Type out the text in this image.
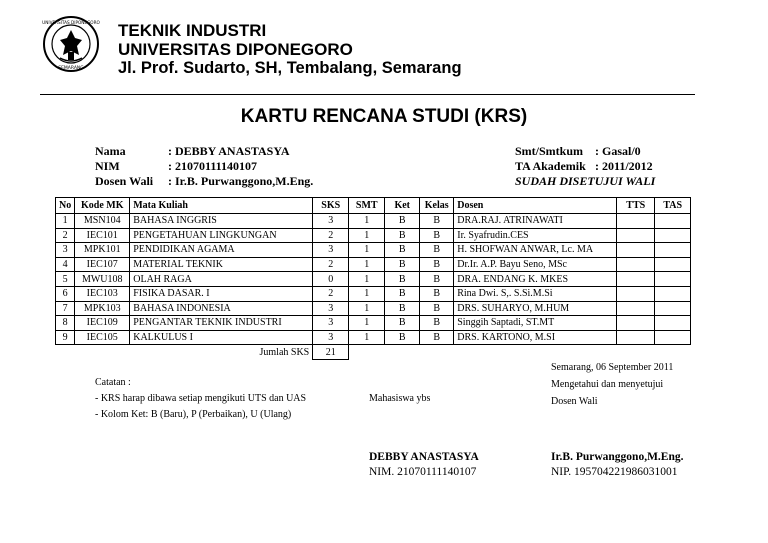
UNIVERSITAS DIPONEGORO
SEMARANG
TEKNIK INDUSTRI
UNIVERSITAS DIPONEGORO
Jl. Prof. Sudarto, SH, Tembalang, Semarang
KARTU RENCANA STUDI (KRS)
Nama	: DEBBY ANASTASYA
NIM	: 21070111140107
Dosen Wali	: Ir.B. Purwanggono,M.Eng.
Smt/Smtkum : Gasal/0
TA Akademik : 2011/2012
SUDAH DISETUJUI WALI
No	Kode MK	Mata Kuliah	SKS	SMT	Ket	Kelas	Dosen	TTS	TAS
1	MSN104	BAHASA INGGRIS	3	1	B	B	DRA.RAJ. ATRINAWATI		
2	IEC101	PENGETAHUAN LINGKUNGAN	2	1	B	B	Ir. Syafrudin.CES		
3	MPK101	PENDIDIKAN AGAMA	3	1	B	B	H. SHOFWAN ANWAR, Lc. MA		
4	IEC107	MATERIAL TEKNIK	2	1	B	B	Dr.Ir. A.P. Bayu Seno, MSc		
5	MWU108	OLAH RAGA	0	1	B	B	DRA. ENDANG K. MKES		
6	IEC103	FISIKA DASAR. I	2	1	B	B	Rina Dwi. S,. S.Si.M.Si		
7	MPK103	BAHASA INDONESIA	3	1	B	B	DRS. SUHARYO, M.HUM		
8	IEC109	PENGANTAR TEKNIK INDUSTRI	3	1	B	B	Singgih Saptadi, ST.MT		
9	IEC105	KALKULUS I	3	1	B	B	DRS. KARTONO, M.SI		
Jumlah SKS			21						
Catatan :
- KRS harap dibawa setiap mengikuti UTS dan UAS
- Kolom Ket: B (Baru), P (Perbaikan), U (Ulang)
Mahasiswa ybs
Semarang, 06 September 2011
Mengetahui dan menyetujui
Dosen Wali
DEBBY ANASTASYA
NIM. 21070111140107
Ir.B. Purwanggono,M.Eng.
NIP. 195704221986031001
